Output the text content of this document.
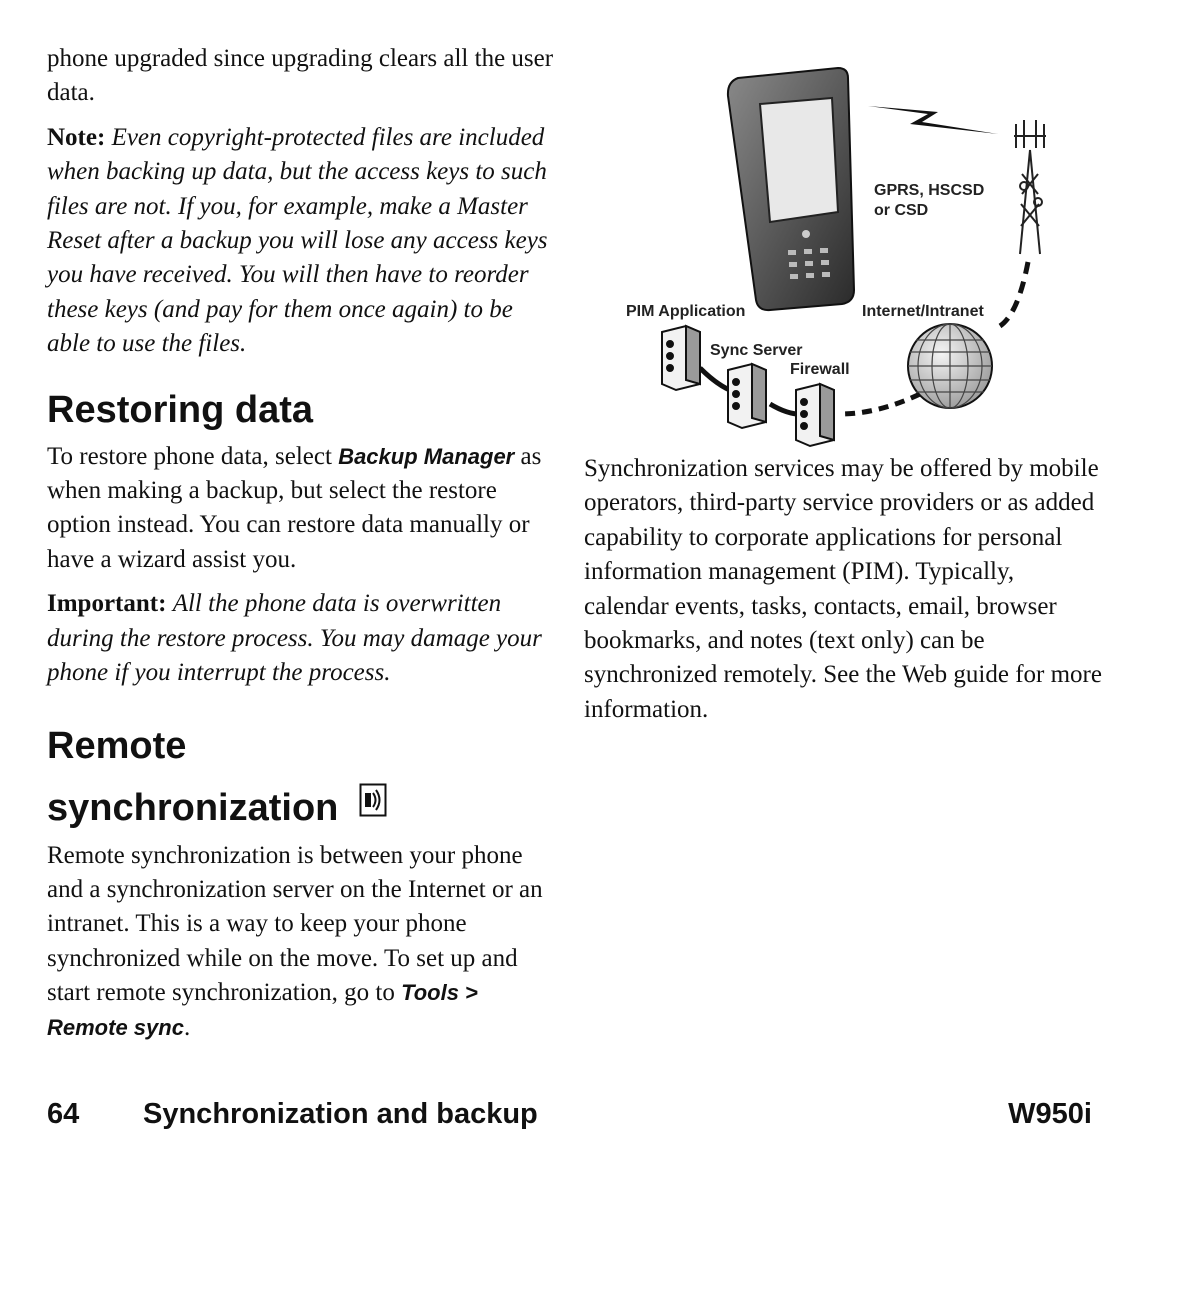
phone upgraded since upgrading clears all the user data.

Note: Even copyright-protected files are included when backing up data, but the access keys to such files are not. If you, for example, make a Master Reset after a backup you will lose any access keys you have received. You will then have to reorder these keys (and pay for them once again) to be able to use the files.

Restoring data

To restore phone data, select Backup Manager as when making a backup, but select the restore option instead. You can restore data manually or have a wizard assist you.

Important: All the phone data is overwritten during the restore process. You may damage your phone if you interrupt the process.

Remote
synchronization

Remote synchronization is between your phone and a synchronization server on the Internet or an intranet. This is a way to keep your phone synchronized while on the move. To set up and start remote synchronization, go to Tools > Remote sync.

GPRS, HSCSD
or CSD
PIM Application	Internet/Intranet
Sync Server
Firewall

Synchronization services may be offered by mobile operators, third-party service providers or as added capability to corporate applications for personal information management (PIM). Typically, calendar events, tasks, contacts, email, browser bookmarks, and notes (text only) can be synchronized remotely. See the Web guide for more information.

64 Synchronization and backup	W950i
